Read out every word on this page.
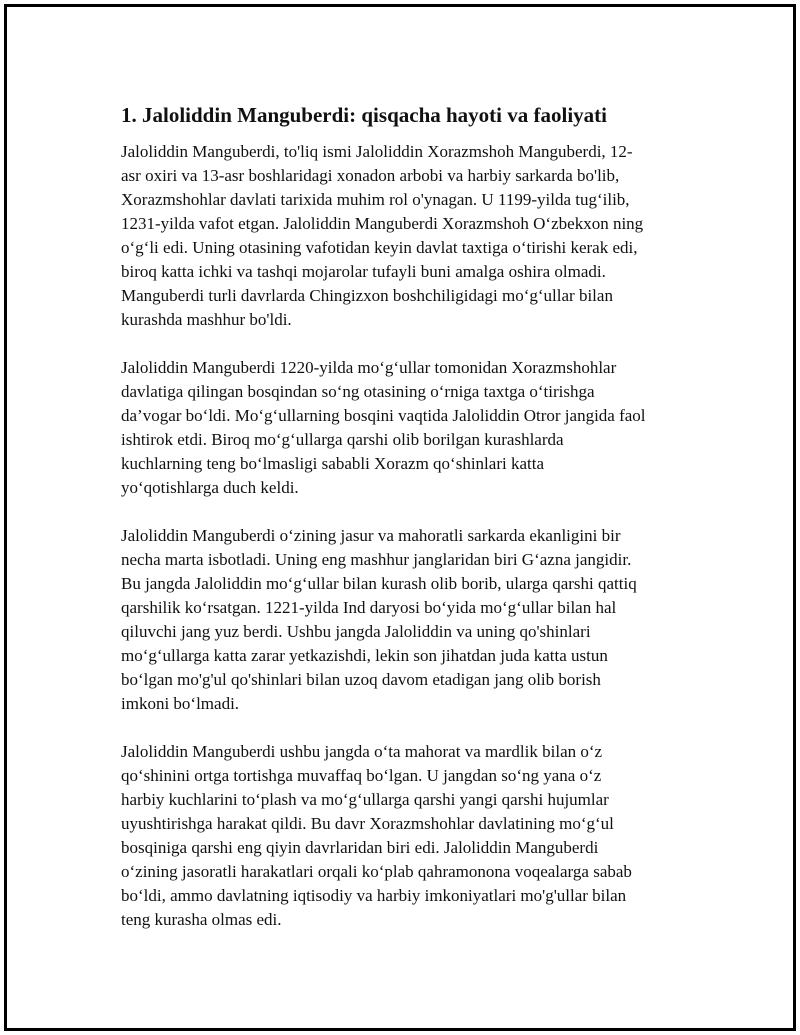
1. Jaloliddin Manguberdi: qisqacha hayoti va faoliyati

Jaloliddin Manguberdi, to'liq ismi Jaloliddin Xorazmshoh Manguberdi, 12-
asr oxiri va 13-asr boshlaridagi xonadon arbobi va harbiy sarkarda bo'lib,
Xorazmshohlar davlati tarixida muhim rol o'ynagan. U 1199-yilda tug‘ilib,
1231-yilda vafot etgan. Jaloliddin Manguberdi Xorazmshoh O‘zbekxon ning
o‘g‘li edi. Uning otasining vafotidan keyin davlat taxtiga o‘tirishi kerak edi,
biroq katta ichki va tashqi mojarolar tufayli buni amalga oshira olmadi.
Manguberdi turli davrlarda Chingizxon boshchiligidagi mo‘g‘ullar bilan
kurashda mashhur bo'ldi.

Jaloliddin Manguberdi 1220-yilda mo‘g‘ullar tomonidan Xorazmshohlar
davlatiga qilingan bosqindan so‘ng otasining o‘rniga taxtga o‘tirishga
da’vogar bo‘ldi. Mo‘g‘ullarning bosqini vaqtida Jaloliddin Otror jangida faol
ishtirok etdi. Biroq mo‘g‘ullarga qarshi olib borilgan kurashlarda
kuchlarning teng bo‘lmasligi sababli Xorazm qo‘shinlari katta
yo‘qotishlarga duch keldi.

Jaloliddin Manguberdi o‘zining jasur va mahoratli sarkarda ekanligini bir
necha marta isbotladi. Uning eng mashhur janglaridan biri G‘azna jangidir.
Bu jangda Jaloliddin mo‘g‘ullar bilan kurash olib borib, ularga qarshi qattiq
qarshilik ko‘rsatgan. 1221-yilda Ind daryosi bo‘yida mo‘g‘ullar bilan hal
qiluvchi jang yuz berdi. Ushbu jangda Jaloliddin va uning qo'shinlari
mo‘g‘ullarga katta zarar yetkazishdi, lekin son jihatdan juda katta ustun
bo‘lgan mo'g'ul qo'shinlari bilan uzoq davom etadigan jang olib borish
imkoni bo‘lmadi.

Jaloliddin Manguberdi ushbu jangda o‘ta mahorat va mardlik bilan o‘z
qo‘shinini ortga tortishga muvaffaq bo‘lgan. U jangdan so‘ng yana o‘z
harbiy kuchlarini to‘plash va mo‘g‘ullarga qarshi yangi qarshi hujumlar
uyushtirishga harakat qildi. Bu davr Xorazmshohlar davlatining mo‘g‘ul
bosqiniga qarshi eng qiyin davrlaridan biri edi. Jaloliddin Manguberdi
o‘zining jasoratli harakatlari orqali ko‘plab qahramonona voqealarga sabab
bo‘ldi, ammo davlatning iqtisodiy va harbiy imkoniyatlari mo'g'ullar bilan
teng kurasha olmas edi.
